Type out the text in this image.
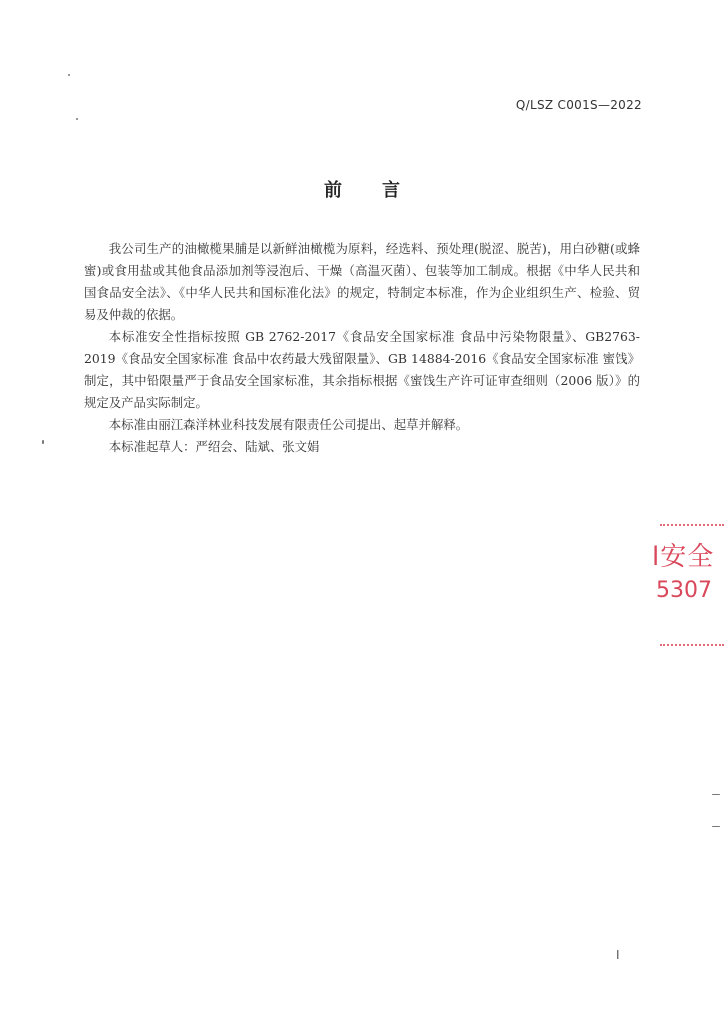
Q/LSZ C001S—2022
前言

我公司生产的油橄榄果脯是以新鲜油橄榄为原料，经选料、预处理(脱涩、脱苦)，用白砂糖(或蜂蜜)或食用盐或其他食品添加剂等浸泡后、干燥（高温灭菌）、包装等加工制成。根据《中华人民共和国食品安全法》、《中华人民共和国标准化法》的规定，特制定本标准，作为企业组织生产、检验、贸易及仲裁的依据。

本标准安全性指标按照 GB 2762-2017《食品安全国家标准 食品中污染物限量》、GB2763-2019《食品安全国家标准 食品中农药最大残留限量》、GB 14884-2016《食品安全国家标准 蜜饯》制定，其中铅限量严于食品安全国家标准，其余指标根据《蜜饯生产许可证审查细则（2006 版）》的规定及产品实际制定。

本标准由丽江森洋林业科技发展有限责任公司提出、起草并解释。

本标准起草人：严绍会、陆斌、张文娟

l安全
5307
I
